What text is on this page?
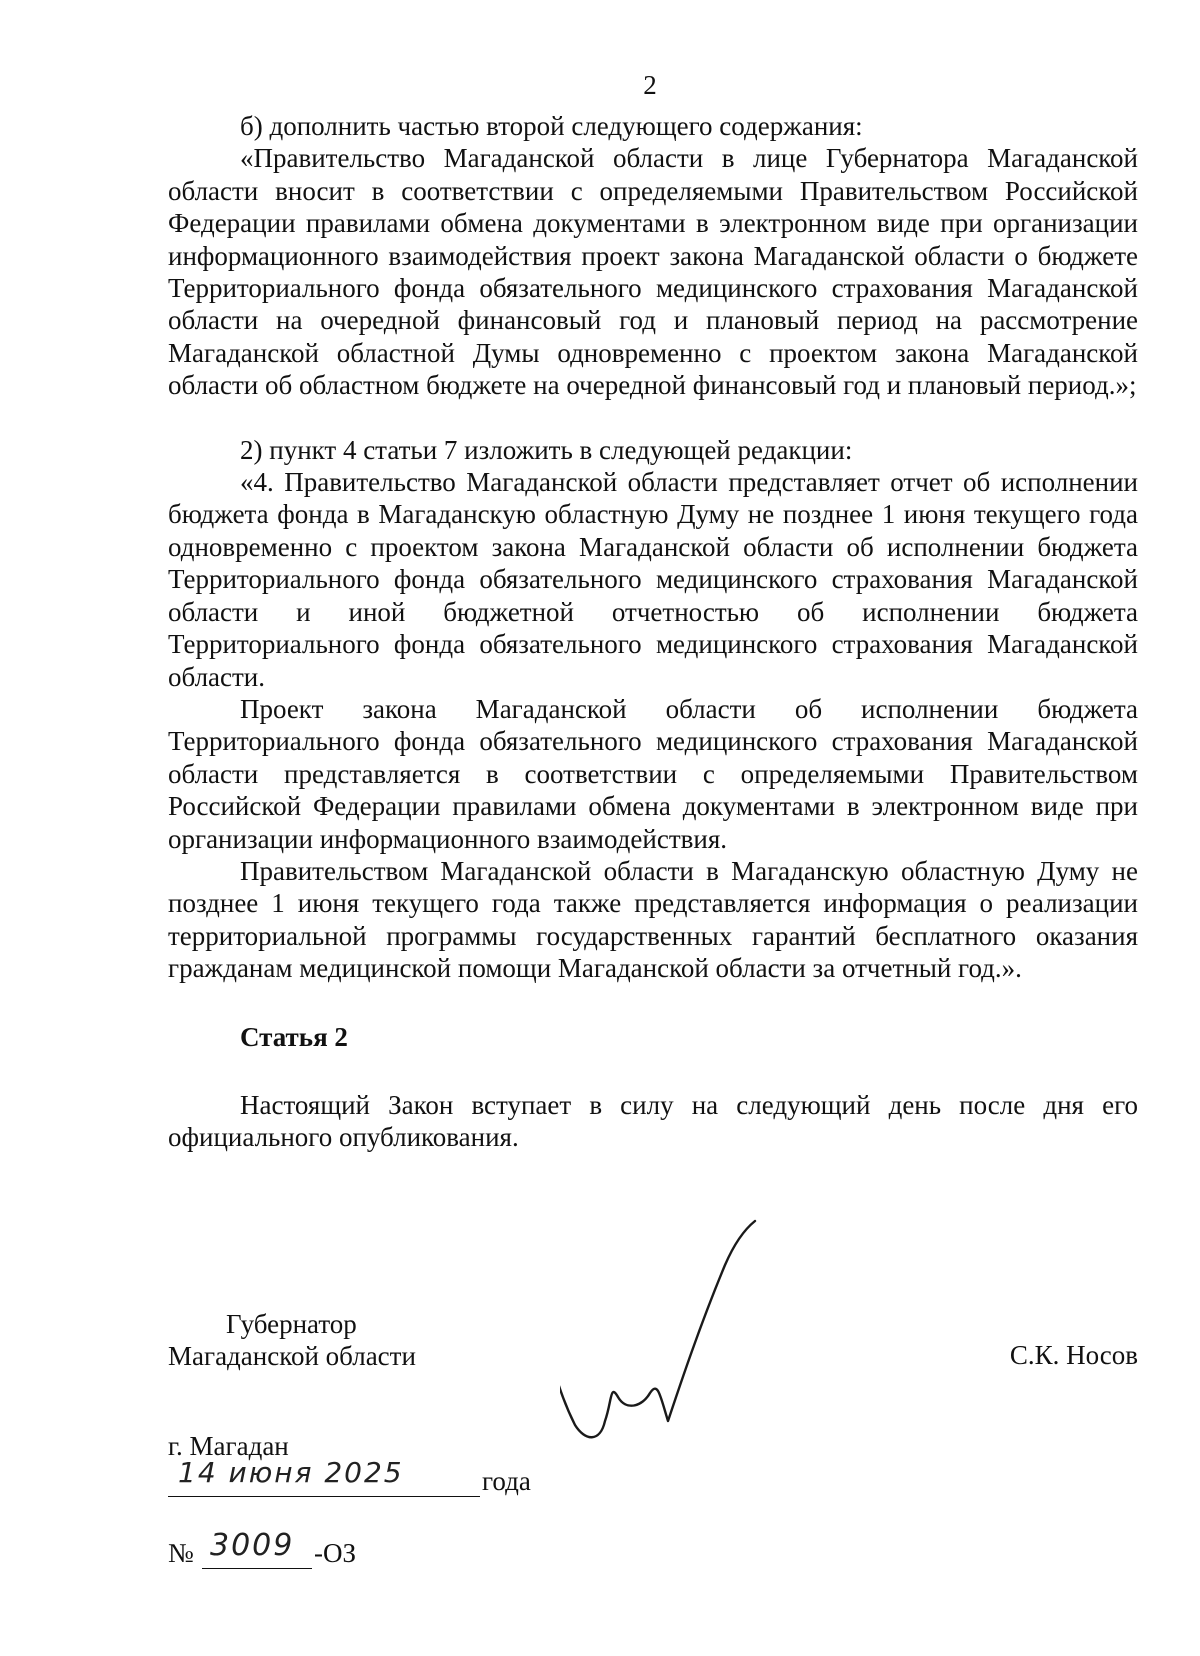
2

б) дополнить частью второй следующего содержания:

«Правительство Магаданской области в лице Губернатора Магаданской области вносит в соответствии с определяемыми Правительством Российской Федерации правилами обмена документами в электронном виде при организации информационного взаимодействия проект закона Магаданской области о бюджете Территориального фонда обязательного медицинского страхования Магаданской области на очередной финансовый год и плановый период на рассмотрение Магаданской областной Думы одновременно с проектом закона Магаданской области об областном бюджете на очередной финансовый год и плановый период.»;

2) пункт 4 статьи 7 изложить в следующей редакции:

«4. Правительство Магаданской области представляет отчет об исполнении бюджета фонда в Магаданскую областную Думу не позднее 1 июня текущего года одновременно с проектом закона Магаданской области об исполнении бюджета Территориального фонда обязательного медицинского страхования Магаданской области и иной бюджетной отчетностью об исполнении бюджета Территориального фонда обязательного медицинского страхования Магаданской области.

Проект закона Магаданской области об исполнении бюджета Территориального фонда обязательного медицинского страхования Магаданской области представляется в соответствии с определяемыми Правительством Российской Федерации правилами обмена документами в электронном виде при организации информационного взаимодействия.

Правительством Магаданской области в Магаданскую областную Думу не позднее 1 июня текущего года также представляется информация о реализации территориальной программы государственных гарантий бесплатного оказания гражданам медицинской помощи Магаданской области за отчетный год.».

Статья 2

Настоящий Закон вступает в силу на следующий день после дня его официального опубликования.

Губернатор
Магаданской области	С.К. Носов
г. Магадан
14 июня 2025	года
№ 3009 -ОЗ
